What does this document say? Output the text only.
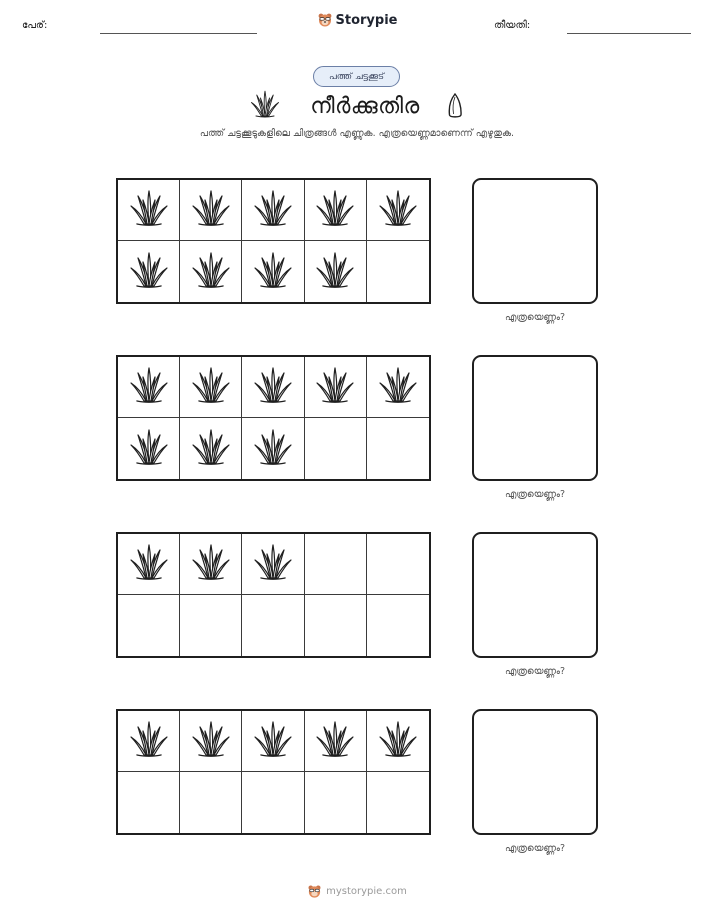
പേര്:	Storypie	തീയതി:
പത്ത് ചട്ടക്കൂട്
നീർക്കുതിര
പത്ത് ചട്ടക്കൂടുകളിലെ ചിത്രങ്ങൾ എണ്ണുക. എത്രയെണ്ണമാണെന്ന് എഴുതുക.
എത്രയെണ്ണം?
എത്രയെണ്ണം?
എത്രയെണ്ണം?
എത്രയെണ്ണം?
mystorypie.com
